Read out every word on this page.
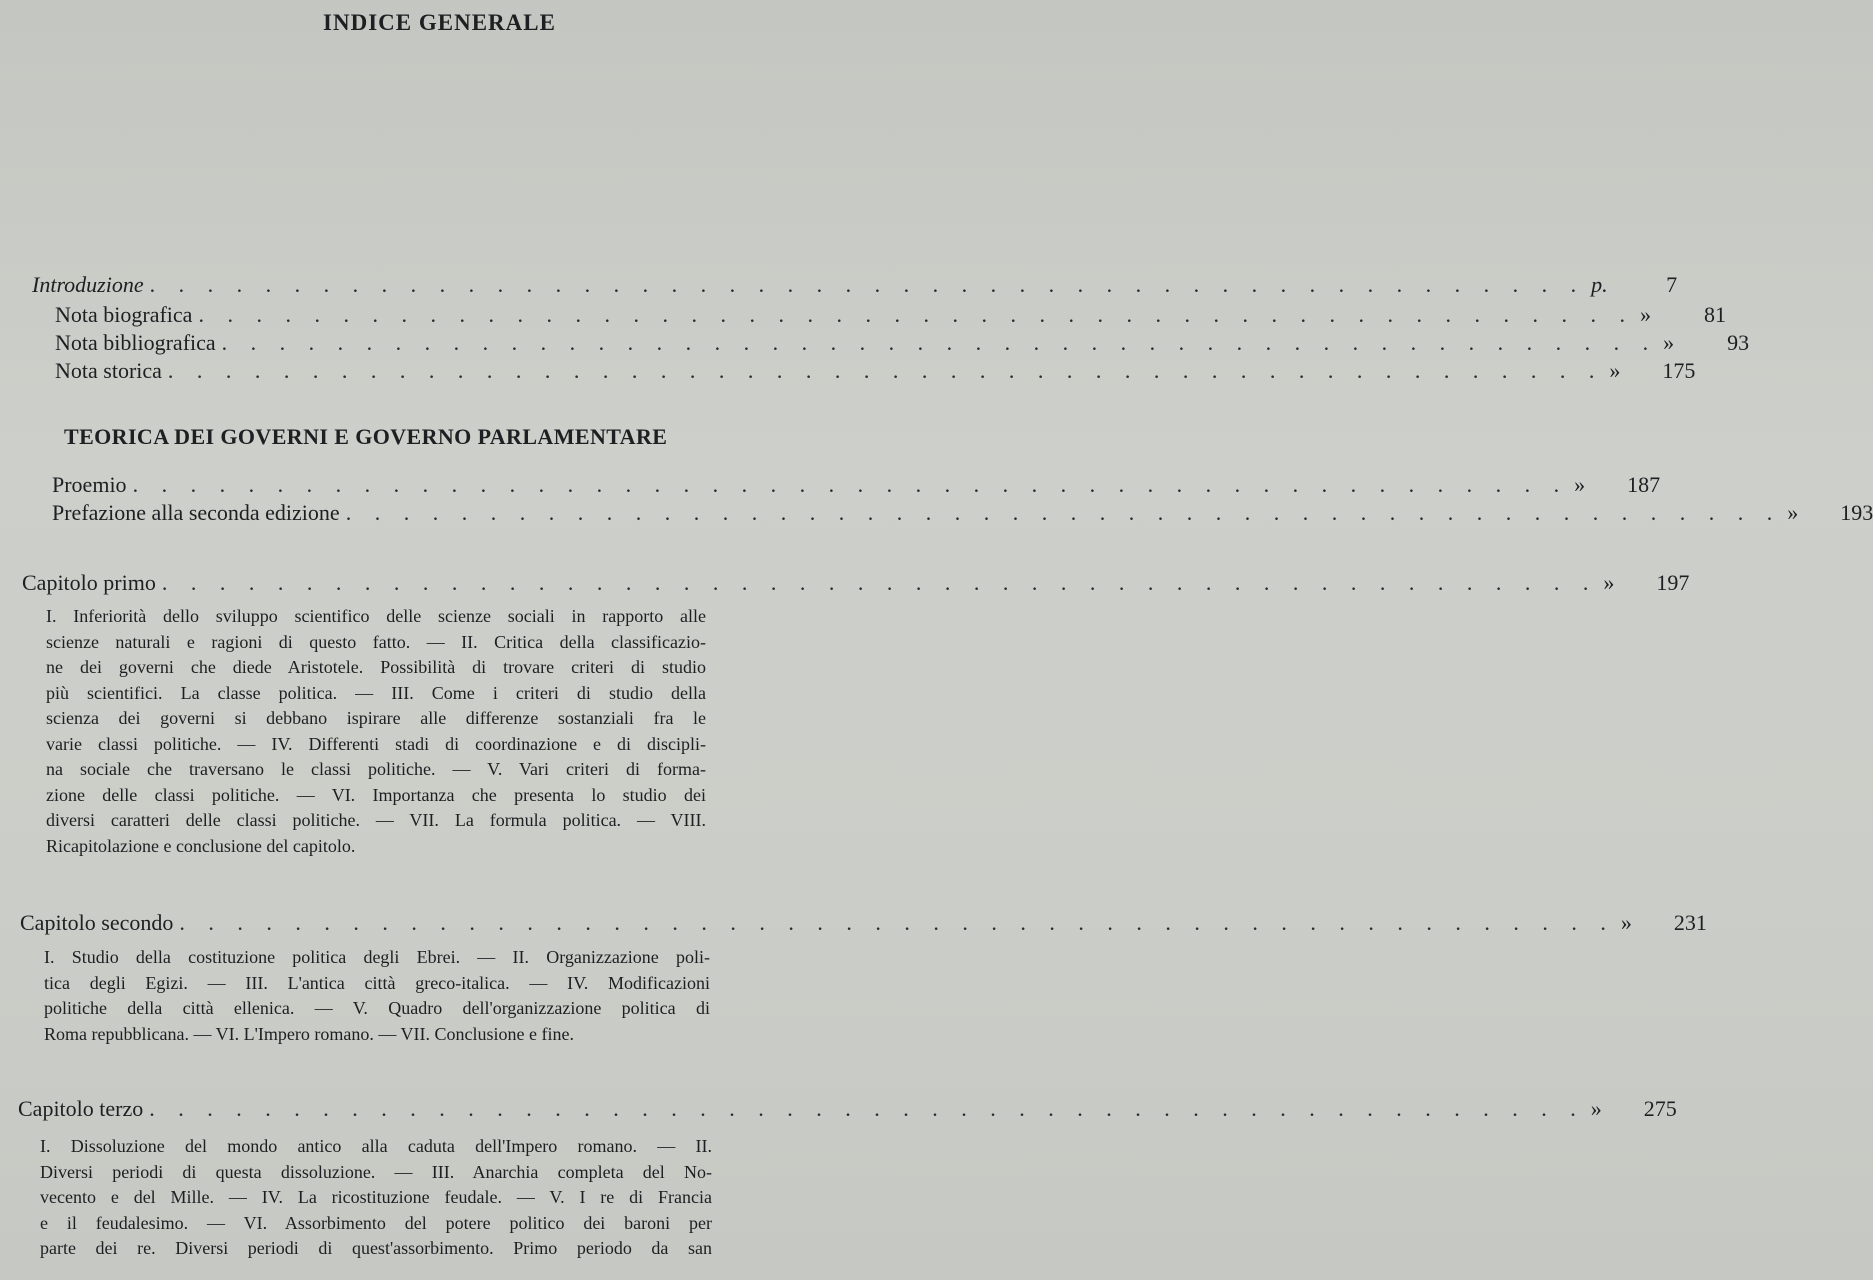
INDICE GENERALE
Introduzione . . . . . . . . . . . . . . . . . . . . . . . . . . . . . . . . . . . . . . . . . . . . . . . . . . p.	7
Nota biografica . . . . . . . . . . . . . . . . . . . . . . . . . . . . . . . . . . . . . . . . . . . . . . . . . . »	81
Nota bibliografica . . . . . . . . . . . . . . . . . . . . . . . . . . . . . . . . . . . . . . . . . . . . . . . . . . »	93
Nota storica . . . . . . . . . . . . . . . . . . . . . . . . . . . . . . . . . . . . . . . . . . . . . . . . . . »	175
TEORICA DEI GOVERNI E GOVERNO PARLAMENTARE
Proemio . . . . . . . . . . . . . . . . . . . . . . . . . . . . . . . . . . . . . . . . . . . . . . . . . . »	187
Prefazione alla seconda edizione . . . . . . . . . . . . . . . . . . . . . . . . . . . . . . . . . . . . . . . . . . . . . . . . . . »	193
Capitolo primo . . . . . . . . . . . . . . . . . . . . . . . . . . . . . . . . . . . . . . . . . . . . . . . . . . »	197
I. Inferiorità dello sviluppo scientifico delle scienze sociali in rapporto alle
scienze naturali e ragioni di questo fatto. — II. Critica della classificazio-
ne dei governi che diede Aristotele. Possibilità di trovare criteri di studio
più scientifici. La classe politica. — III. Come i criteri di studio della
scienza dei governi si debbano ispirare alle differenze sostanziali fra le
varie classi politiche. — IV. Differenti stadi di coordinazione e di discipli-
na sociale che traversano le classi politiche. — V. Vari criteri di forma-
zione delle classi politiche. — VI. Importanza che presenta lo studio dei
diversi caratteri delle classi politiche. — VII. La formula politica. — VIII.
Ricapitolazione e conclusione del capitolo.
Capitolo secondo . . . . . . . . . . . . . . . . . . . . . . . . . . . . . . . . . . . . . . . . . . . . . . . . . . »	231
I. Studio della costituzione politica degli Ebrei. — II. Organizzazione poli-
tica degli Egizi. — III. L'antica città greco-italica. — IV. Modificazioni
politiche della città ellenica. — V. Quadro dell'organizzazione politica di
Roma repubblicana. — VI. L'Impero romano. — VII. Conclusione e fine.
Capitolo terzo . . . . . . . . . . . . . . . . . . . . . . . . . . . . . . . . . . . . . . . . . . . . . . . . . . »	275
I. Dissoluzione del mondo antico alla caduta dell'Impero romano. — II.
Diversi periodi di questa dissoluzione. — III. Anarchia completa del No-
vecento e del Mille. — IV. La ricostituzione feudale. — V. I re di Francia
e il feudalesimo. — VI. Assorbimento del potere politico dei baroni per
parte dei re. Diversi periodi di quest'assorbimento. Primo periodo da san
